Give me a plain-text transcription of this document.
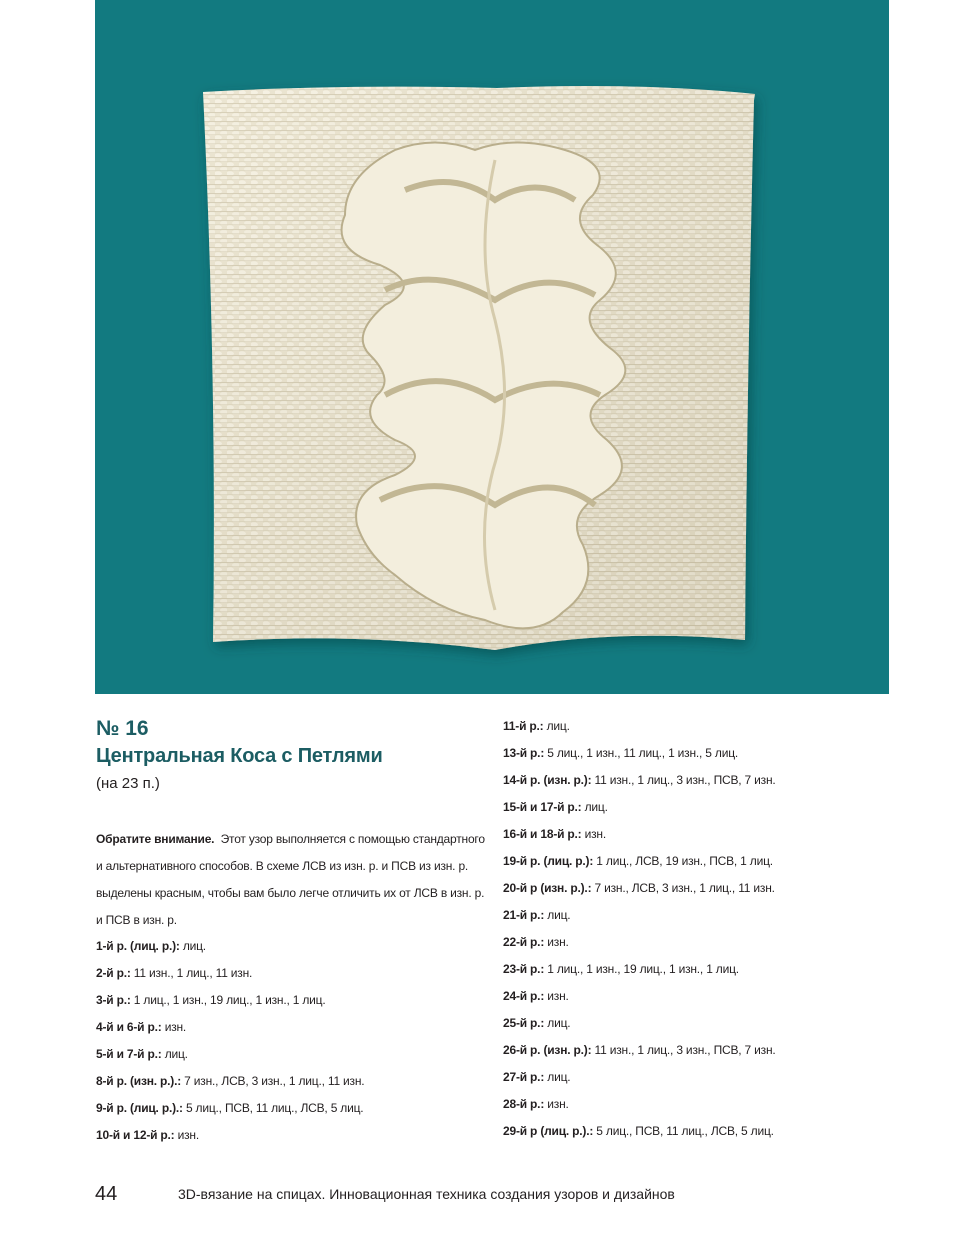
№ 16
Центральная Коса с Петлями
(на 23 п.)
Обратите внимание. Этот узор выполняется с помощью стандартного и альтернативного способов. В схеме ЛСВ из изн. р. и ПСВ из изн. р. выделены красным, чтобы вам было легче отличить их от ЛСВ в изн. р. и ПСВ в изн. р.
1-й р. (лиц. р.): лиц.
2-й р.: 11 изн., 1 лиц., 11 изн.
3-й р.: 1 лиц., 1 изн., 19 лиц., 1 изн., 1 лиц.
4-й и 6-й р.: изн.
5-й и 7-й р.: лиц.
8-й р. (изн. р.).: 7 изн., ЛСВ, 3 изн., 1 лиц., 11 изн.
9-й р. (лиц. р.).: 5 лиц., ПСВ, 11 лиц., ЛСВ, 5 лиц.
10-й и 12-й р.: изн.
11-й р.: лиц.
13-й р.: 5 лиц., 1 изн., 11 лиц., 1 изн., 5 лиц.
14-й р. (изн. р.): 11 изн., 1 лиц., 3 изн., ПСВ, 7 изн.
15-й и 17-й р.: лиц.
16-й и 18-й р.: изн.
19-й р. (лиц. р.): 1 лиц., ЛСВ, 19 изн., ПСВ, 1 лиц.
20-й р (изн. р.).: 7 изн., ЛСВ, 3 изн., 1 лиц., 11 изн.
21-й р.: лиц.
22-й р.: изн.
23-й р.: 1 лиц., 1 изн., 19 лиц., 1 изн., 1 лиц.
24-й р.: изн.
25-й р.: лиц.
26-й р. (изн. р.): 11 изн., 1 лиц., 3 изн., ПСВ, 7 изн.
27-й р.: лиц.
28-й р.: изн.
29-й р (лиц. р.).: 5 лиц., ПСВ, 11 лиц., ЛСВ, 5 лиц.
44	3D-вязание на спицах. Инновационная техника создания узоров и дизайнов
